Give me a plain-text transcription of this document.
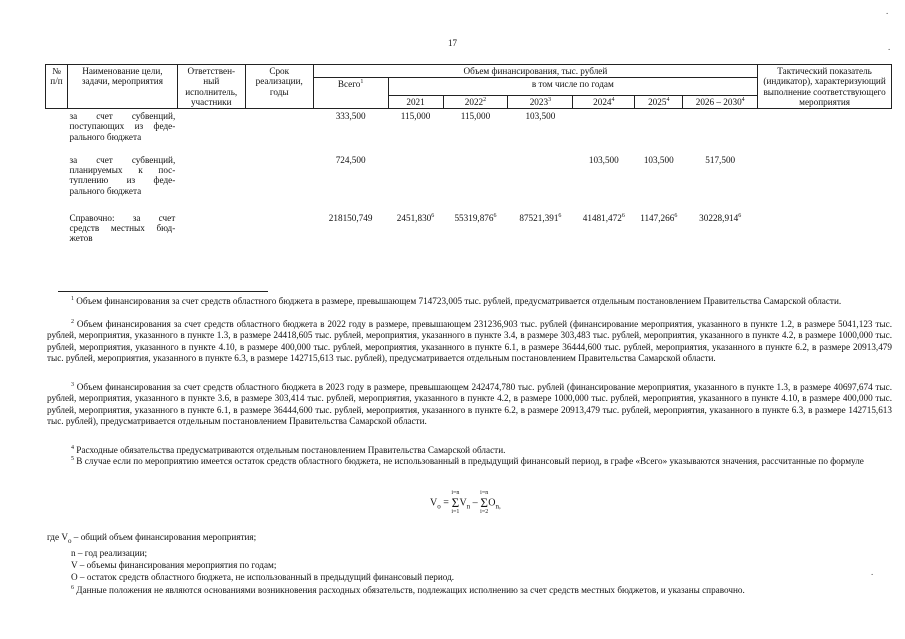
17
№ п/п	Наименование цели, задачи, мероприятия	Ответствен-ный исполнитель, участники	Срок реализации, годы	Объем финансирования, тыс. рублей							Тактический показатель (индикатор), характеризующий выполнение соответствующего мероприятия
				Всего$^1$	в том числе по годам						
					2021	2022$^2$	2023$^3$	2024$^4$	2025$^4$	2026 – 2030$^4$
	за счет субвенций, поступающих из феде-рального бюджета			333,500	115,000	115,000	103,500				
	за счет субвенций, планируемых к пос-туплению из феде-рального бюджета			724,500				103,500	103,500	517,500	
	Справочно: за счет средств местных бюд-жетов			218150,749	2451,830$^6$	55319,876$^6$	87521,391$^6$	41481,472$^6$	1147,266$^6$	30228,914$^6$	
$^1$ Объем финансирования за счет средств областного бюджета в размере, превышающем 714723,005 тыс. рублей, предусматривается отдельным постановлением Правительства Самарской области.
$^2$ Объем финансирования за счет средств областного бюджета в 2022 году в размере, превышающем 231236,903 тыс. рублей (финансирование мероприятия, указанного в пункте 1.2, в размере 5041,123 тыс. рублей, мероприятия, указанного в пункте 1.3, в размере 24418,605 тыс. рублей, мероприятия, указанного в пункте 3.4, в размере 303,483 тыс. рублей, мероприятия, указанного в пункте 4.2, в размере 1000,000 тыс. рублей, мероприятия, указанного в пункте 4.10, в размере 400,000 тыс. рублей, мероприятия, указанного в пункте 6.1, в размере 36444,600 тыс. рублей, мероприятия, указанного в пункте 6.2, в размере 20913,479 тыс. рублей, мероприятия, указанного в пункте 6.3, в размере 142715,613 тыс. рублей), предусматривается отдельным постановлением Правительства Самарской области.
$^3$ Объем финансирования за счет средств областного бюджета в 2023 году в размере, превышающем 242474,780 тыс. рублей (финансирование мероприятия, указанного в пункте 1.3, в размере 40697,674 тыс. рублей, мероприятия, указанного в пункте 3.6, в размере 303,414 тыс. рублей, мероприятия, указанного в пункте 4.2, в размере 1000,000 тыс. рублей, мероприятия, указанного в пункте 4.10, в размере 400,000 тыс. рублей, мероприятия, указанного в пункте 6.1, в размере 36444,600 тыс. рублей, мероприятия, указанного в пункте 6.2, в размере 20913,479 тыс. рублей, мероприятия, указанного в пункте 6.3, в размере 142715,613 тыс. рублей), предусматривается отдельным постановлением Правительства Самарской области.
$^4$ Расходные обязательства предусматриваются отдельным постановлением Правительства Самарской области.
$^5$ В случае если по мероприятию имеется остаток средств областного бюджета, не использованный в предыдущий финансовый период, в графе «Всего» указываются значения, рассчитанные по формуле
$V_o = i=n$
Σ
$i=1V_n - i=n$
Σ
$i=2O_{n,}$
где $V_o$ – общий объем финансирования мероприятия;
n – год реализации;
V – объемы финансирования мероприятия по годам;
O – остаток средств областного бюджета, не использованный в предыдущий финансовый период.
$^6$ Данные положения не являются основаниями возникновения расходных обязательств, подлежащих исполнению за счет средств местных бюджетов, и указаны справочно.
.
.
.
